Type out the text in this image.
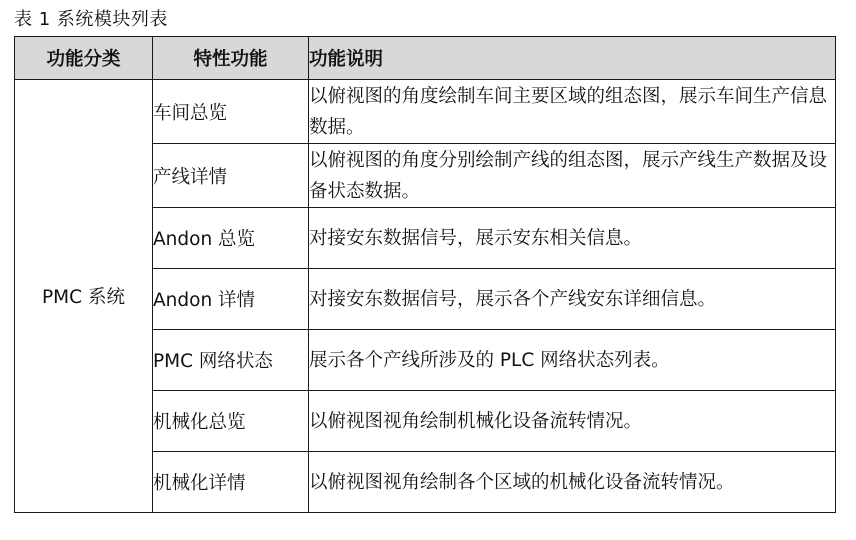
表 1 系统模块列表
功能分类	特性功能	功能说明
PMC 系统	车间总览	以俯视图的角度绘制车间主要区域的组态图，展示车间生产信息数据。
	产线详情	以俯视图的角度分别绘制产线的组态图，展示产线生产数据及设备状态数据。
	Andon 总览	对接安东数据信号，展示安东相关信息。
	Andon 详情	对接安东数据信号，展示各个产线安东详细信息。
	PMC 网络状态	展示各个产线所涉及的 PLC 网络状态列表。
	机械化总览	以俯视图视角绘制机械化设备流转情况。
	机械化详情	以俯视图视角绘制各个区域的机械化设备流转情况。
